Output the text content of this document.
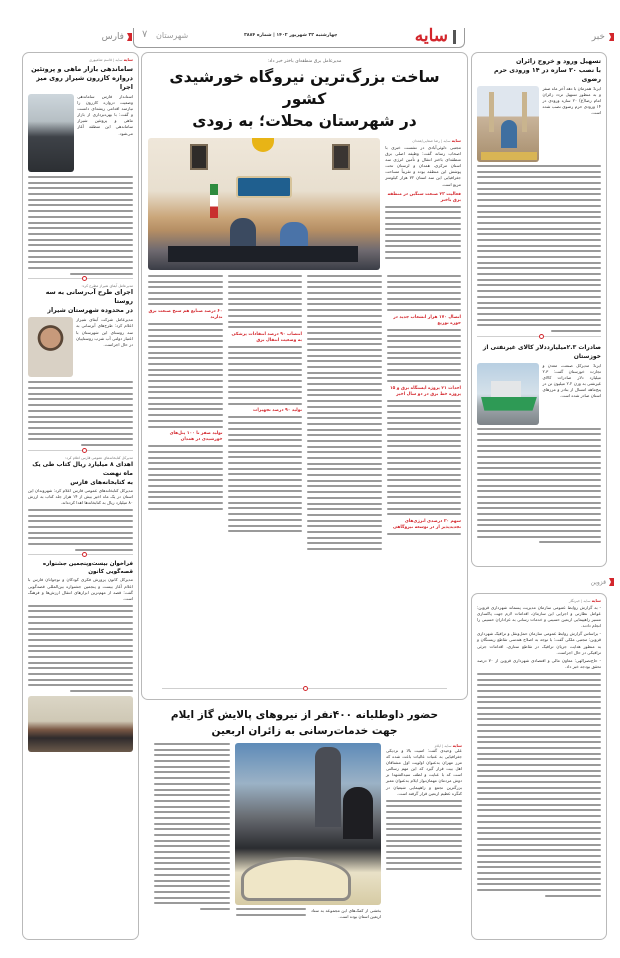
خبر
سایه
چهارشنبه ۲۲ شهریور ۱۴۰۲ | شماره ۳۸۸۴
شهرستان
۷
فارس
سایه سایه | قاسم شاهپوری
ساماندهی بازار ماهی و پروتئین
دروازه کازرون شیراز روی میز اجرا
استاندار فارس ساماندهی وضعیت دروازه کازرون را نیازمند اقدامی ریشه‌ای دانست و گفت: با بهره‌برداری از بازار ماهی و پروتئین شیراز ساماندهی این منطقه آغاز می‌شود.
مدیرعامل آبفای شیراز مطرح کرد:
اجرای طرح آب‌رسانی به سه روستا
در محدوده شهرستان شیراز
مدیرعامل شرکت آبفای شیراز اعلام کرد: طرح‌های آبرسانی به سه روستای این شهرستان با اعتبار دولتی آب شرب روستاییان در حال اجراست.
مدیرکل کتابخانه‌های عمومی فارس اعلام کرد:
اهدای ۸ میلیارد ریال کتاب طی یک ماه نهضت
به کتابخانه‌های فارس
مدیرکل کتابخانه‌های عمومی فارس اعلام کرد: شهروندان این استان در یک ماه اخیر بیش از ۱۴ هزار جلد کتاب به ارزش ۸۰ میلیارد ریال به کتابخانه‌ها اهدا کرده‌اند.
فراخوان بیست‌وپنجمین جشنواره قصه‌گویی کانون
مدیرکل کانون پرورش فکری کودکان و نوجوانان فارس با اعلام آغاز بیست و پنجمین جشنواره بین‌المللی قصه‌گویی گفت: قصه از مهم‌ترین ابزارهای انتقال ارزش‌ها و فرهنگ است.
مدیرعامل برق منطقه‌ای باختر خبر داد:
ساخت بزرگ‌ترین نیروگاه خورشیدی کشور
در شهرستان محلات؛ به زودی
سایه سایه | رضا صفایی/همدان
مجتبی دلوئی‌آبادی در نشست خبری با اصحاب رسانه گفت: وظیفه اصلی برق منطقه‌ای باختر انتقال و تأمین انرژی سه استان مرکزی، همدان و لرستان تحت پوشش این منطقه بوده و تقریباً مساحت جغرافیایی این سه استان ۷۲ هزار کیلومتر مربع است.
فعالیت ۲۳ صنعت سنگین در منطقه برق باختر
اتصال ۱۷۰ هزار انشعاب جدید در حوزه توزیع
احداث ۲۱ پروژه ایستگاه برق و ۱۵ پروژه خط برق در دو سال اخیر
سهم ۳۰ درصدی انرژی‌های تجدیدپذیر از در توسعه نیروگاهی
انتصاب ۹۰ درصد انتقادات پزشکی به وضعیت انتقال برق
تولید ۹۰ درصد تجهیزات
۶۰ درصد صنایع هم سنخ صنعت برق ندارند
تولید صفر تا ۱۰۰ پنل‌های خورشیدی در همدان
حضور داوطلبانه ۴۰۰نفر از نیروهای پالایش گاز ایلام
جهت خدمات‌رسانی به زائران اربعین
سایه سایه | ایلام
علی وحیدی گفت: امنیت بالا و نزدیکی جغرافیایی به عتبات عالیات باعث شده که مرز مهران به‌عنوان اولویت اول مشتاقان اهل بیت قرار گیرد که این مهم رسالتی است که با عنایت و لطف سیدالشهدا بر دوش مردمان مهمان‌نواز ایلام به‌عنوان معبر بزرگترین تجمع و راهپیمایی شیعیان در کنگره عظیم اربعین قرار گرفته است.
بخشی از کمک‌های این مجموعه به ستاد اربعین استان بوده است.
تسهیل ورود و خروج زائران
با نصب ۲۰ سازه در ۱۴ ورودی حرم رضوی
ایرنا: همزمان با دهه آخر ماه صفر و به منظور تسهیل تردد زائران امام رضا(ع) ۲۰ سازه ورودی در ۱۴ ورودی حرم رضوی نصب شده است.
صادرات ۲.۳میلیارددلار کالای غیرنفتی از خوزستان
ایرنا: مدیرکل صنعت، معدن و تجارت خوزستان گفت: ۲.۳ میلیارد دلار صادرات کالای غیرنفتی به وزن ۲.۲ میلیون تن در پنج‌ماهه امسال از بنادر و مرزهای استان صادر شده است.
قزوین
سایه سایه | خبرنگار
- به گزارش روابط عمومی سازمان مدیریت پسماند شهرداری قزوین: عوامل نظارتی و اجرایی این سازمان، اقدامات لازم جهت پاکسازی مسیر راهپیمایی اربعین حسینی و خدمات رسانی به عزاداران حسینی را انجام دادند.
- براساس گزارش روابط عمومی سازمان حمل‌ونقل و ترافیک شهرداری قزوین: مجتبی ملکی گفت: با توجه به اصلاح هندسی تقاطع ریسنگان و به منظور هدایت جریان ترافیک در تقاطع ستاری، اقدامات جزئی ترافیکی در حال اجراست.
- حاج‌نصرالهی: معاون مالی و اقتصادی شهرداری قزوین از ۷۰ درصد تحقق بودجه خبر داد.
